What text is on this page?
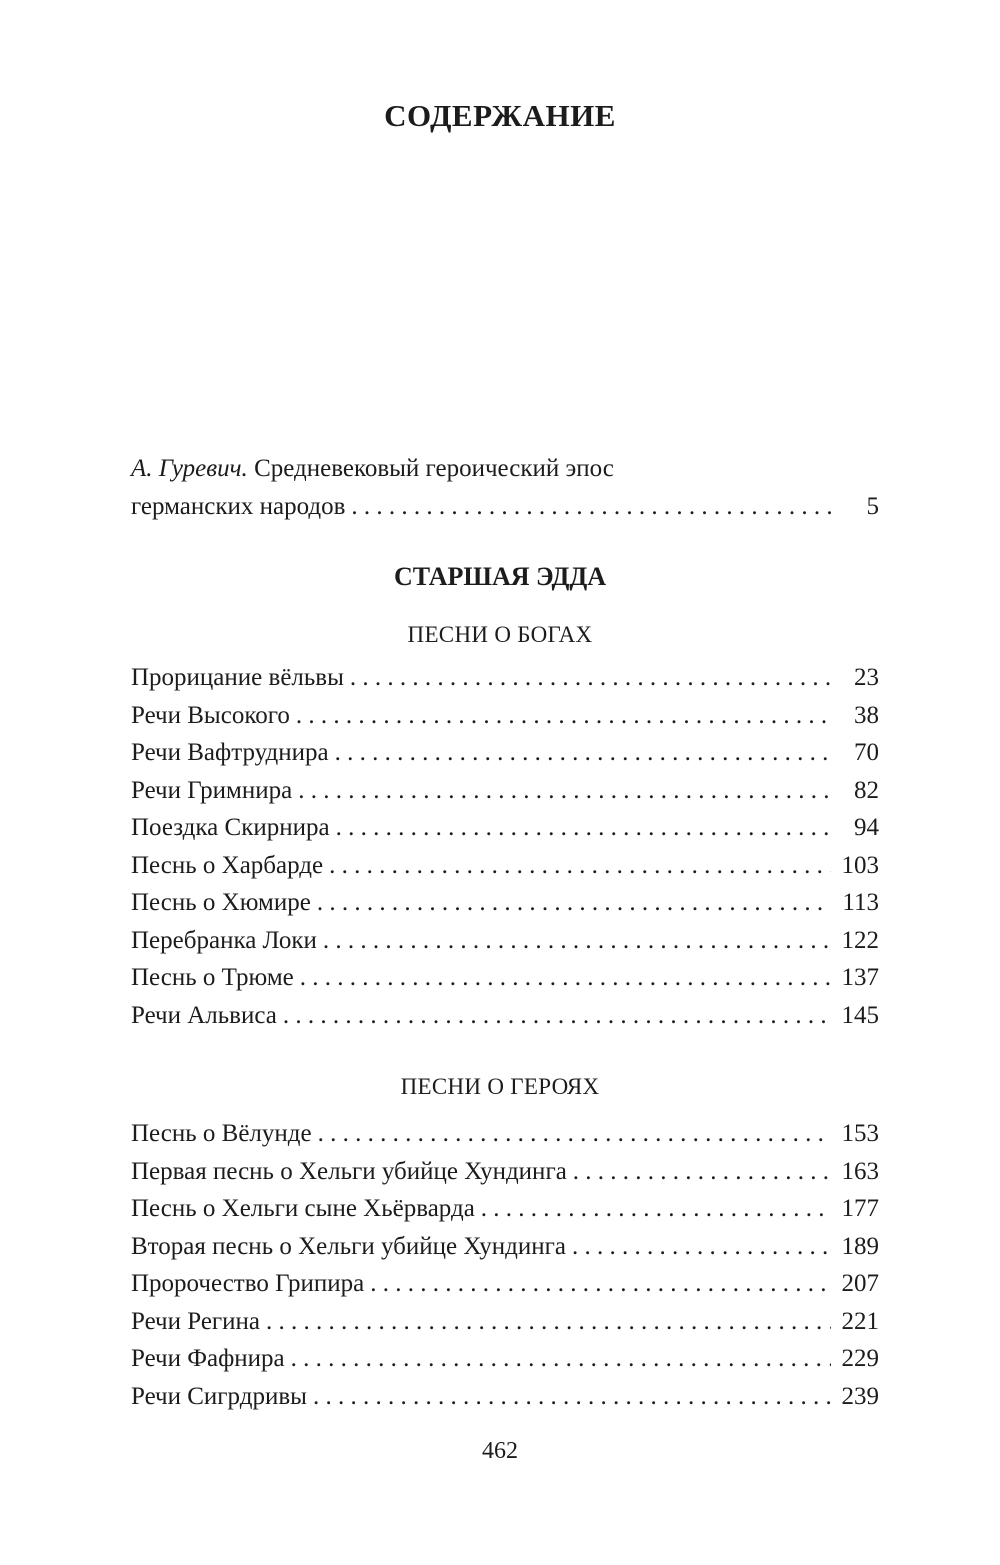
СОДЕРЖАНИЕ
А. Гуревич. Средневековый героический эпос
германских народов . . .	5
СТАРШАЯ ЭДДА
ПЕСНИ О БОГАХ
Прорицание вёльвы . . .	23
Речи Высокого . . .	38
Речи Вафтруднира . . .	70
Речи Гримнира . . .	82
Поездка Скирнира . . .	94
Песнь о Харбарде . . .	103
Песнь о Хюмире . . .	113
Перебранка Локи . . .	122
Песнь о Трюме . . .	137
Речи Альвиса . . .	145
ПЕСНИ О ГЕРОЯХ
Песнь о Вёлунде . . .	153
Первая песнь о Хельги убийце Хундинга . . .	163
Песнь о Хельги сыне Хьёрварда . . .	177
Вторая песнь о Хельги убийце Хундинга . . .	189
Пророчество Грипира . . .	207
Речи Регина . . .	221
Речи Фафнира . . .	229
Речи Сигрдривы . . .	239
462
